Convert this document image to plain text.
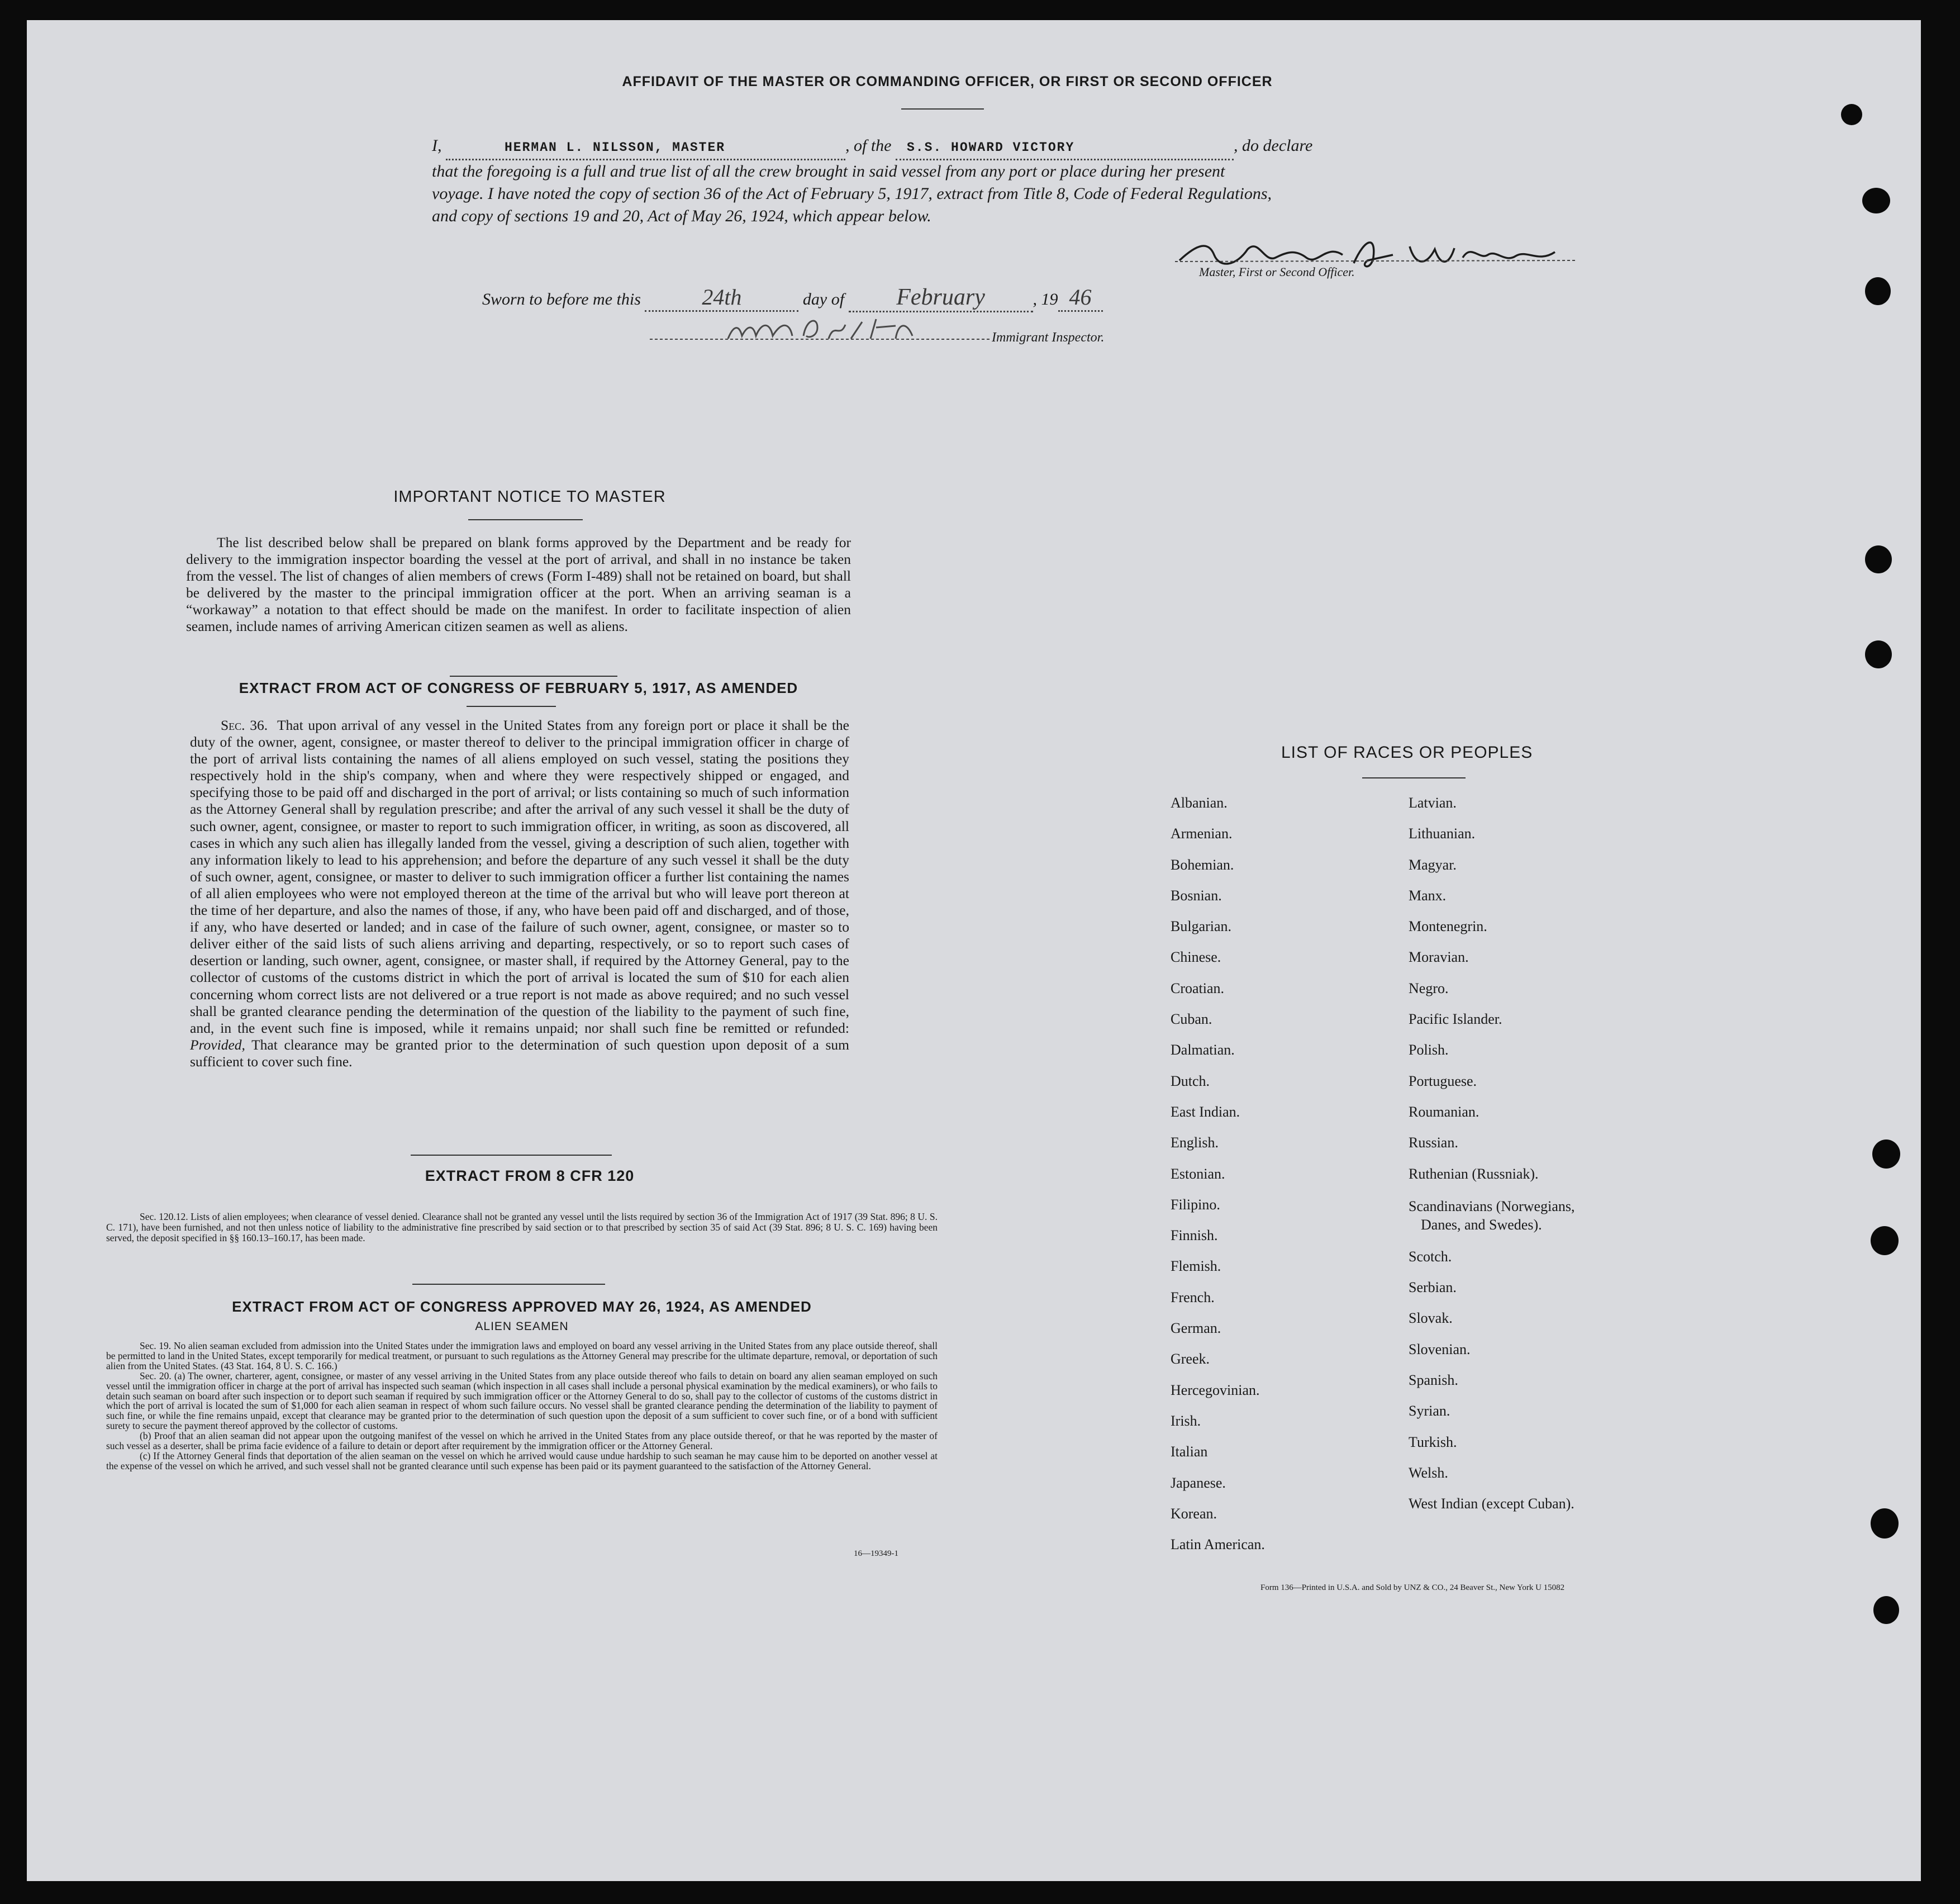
AFFIDAVIT OF THE MASTER OR COMMANDING OFFICER, OR FIRST OR SECOND OFFICER
I,	HERMAN L. NILSSON, MASTER	, of the S.S. HOWARD VICTORY	, do declare
that the foregoing is a full and true list of all the crew brought in said vessel from any port or place during her present
voyage. I have noted the copy of section 36 of the Act of February 5, 1917, extract from Title 8, Code of Federal Regulations,
and copy of sections 19 and 20, Act of May 26, 1924, which appear below.
Master, First or Second Officer.
Sworn to before me this	24th	day of February	, 19 46
Immigrant Inspector.
IMPORTANT NOTICE TO MASTER
The list described below shall be prepared on blank forms approved by the Department and be ready for delivery to the immigration inspector boarding the vessel at the port of arrival, and shall in no instance be taken from the vessel. The list of changes of alien members of crews (Form I-489) shall not be retained on board, but shall be delivered by the master to the principal immigration officer at the port. When an arriving seaman is a “workaway” a notation to that effect should be made on the manifest. In order to facilitate inspection of alien seamen, include names of arriving American citizen seamen as well as aliens.
EXTRACT FROM ACT OF CONGRESS OF FEBRUARY 5, 1917, AS AMENDED
Sec. 36. That upon arrival of any vessel in the United States from any foreign port or place it shall be the duty of the owner, agent, consignee, or master thereof to deliver to the principal immigration officer in charge of the port of arrival lists containing the names of all aliens employed on such vessel, stating the positions they respectively hold in the ship's company, when and where they were respectively shipped or engaged, and specifying those to be paid off and discharged in the port of arrival; or lists containing so much of such information as the Attorney General shall by regulation prescribe; and after the arrival of any such vessel it shall be the duty of such owner, agent, consignee, or master to report to such immigration officer, in writing, as soon as discovered, all cases in which any such alien has illegally landed from the vessel, giving a description of such alien, together with any information likely to lead to his apprehension; and before the departure of any such vessel it shall be the duty of such owner, agent, consignee, or master to deliver to such immigration officer a further list containing the names of all alien employees who were not employed thereon at the time of the arrival but who will leave port thereon at the time of her departure, and also the names of those, if any, who have been paid off and discharged, and of those, if any, who have deserted or landed; and in case of the failure of such owner, agent, consignee, or master so to deliver either of the said lists of such aliens arriving and departing, respectively, or so to report such cases of desertion or landing, such owner, agent, consignee, or master shall, if required by the Attorney General, pay to the collector of customs of the customs district in which the port of arrival is located the sum of $10 for each alien concerning whom correct lists are not delivered or a true report is not made as above required; and no such vessel shall be granted clearance pending the determination of the question of the liability to the payment of such fine, and, in the event such fine is imposed, while it remains unpaid; nor shall such fine be remitted or refunded: Provided, That clearance may be granted prior to the determination of such question upon deposit of a sum sufficient to cover such fine.
EXTRACT FROM 8 CFR 120
Sec. 120.12. Lists of alien employees; when clearance of vessel denied. Clearance shall not be granted any vessel until the lists required by section 36 of the Immigration Act of 1917 (39 Stat. 896; 8 U. S. C. 171), have been furnished, and not then unless notice of liability to the administrative fine prescribed by said section or to that prescribed by section 35 of said Act (39 Stat. 896; 8 U. S. C. 169) having been served, the deposit specified in §§ 160.13–160.17, has been made.
EXTRACT FROM ACT OF CONGRESS APPROVED MAY 26, 1924, AS AMENDED
ALIEN SEAMEN
Sec. 19. No alien seaman excluded from admission into the United States under the immigration laws and employed on board any vessel arriving in the United States from any place outside thereof, shall be permitted to land in the United States, except temporarily for medical treatment, or pursuant to such regulations as the Attorney General may prescribe for the ultimate departure, removal, or deportation of such alien from the United States. (43 Stat. 164, 8 U. S. C. 166.)
Sec. 20. (a) The owner, charterer, agent, consignee, or master of any vessel arriving in the United States from any place outside thereof who fails to detain on board any alien seaman employed on such vessel until the immigration officer in charge at the port of arrival has inspected such seaman (which inspection in all cases shall include a personal physical examination by the medical examiners), or who fails to detain such seaman on board after such inspection or to deport such seaman if required by such immigration officer or the Attorney General to do so, shall pay to the collector of customs of the customs district in which the port of arrival is located the sum of $1,000 for each alien seaman in respect of whom such failure occurs. No vessel shall be granted clearance pending the determination of the liability to payment of such fine, or while the fine remains unpaid, except that clearance may be granted prior to the determination of such question upon the deposit of a sum sufficient to cover such fine, or of a bond with sufficient surety to secure the payment thereof approved by the collector of customs.
(b) Proof that an alien seaman did not appear upon the outgoing manifest of the vessel on which he arrived in the United States from any place outside thereof, or that he was reported by the master of such vessel as a deserter, shall be prima facie evidence of a failure to detain or deport after requirement by the immigration officer or the Attorney General.
(c) If the Attorney General finds that deportation of the alien seaman on the vessel on which he arrived would cause undue hardship to such seaman he may cause him to be deported on another vessel at the expense of the vessel on which he arrived, and such vessel shall not be granted clearance until such expense has been paid or its payment guaranteed to the satisfaction of the Attorney General.
16—19349-1
LIST OF RACES OR PEOPLES
Albanian.
Armenian.
Bohemian.
Bosnian.
Bulgarian.
Chinese.
Croatian.
Cuban.
Dalmatian.
Dutch.
East Indian.
English.
Estonian.
Filipino.
Finnish.
Flemish.
French.
German.
Greek.
Hercegovinian.
Irish.
Italian
Japanese.
Korean.
Latin American.
Latvian.
Lithuanian.
Magyar.
Manx.
Montenegrin.
Moravian.
Negro.
Pacific Islander.
Polish.
Portuguese.
Roumanian.
Russian.
Ruthenian (Russniak).
Scandinavians (Norwegians,
Danes, and Swedes).
Scotch.
Serbian.
Slovak.
Slovenian.
Spanish.
Syrian.
Turkish.
Welsh.
West Indian (except Cuban).
Form 136—Printed in U.S.A. and Sold by UNZ & CO., 24 Beaver St., New York U 15082
